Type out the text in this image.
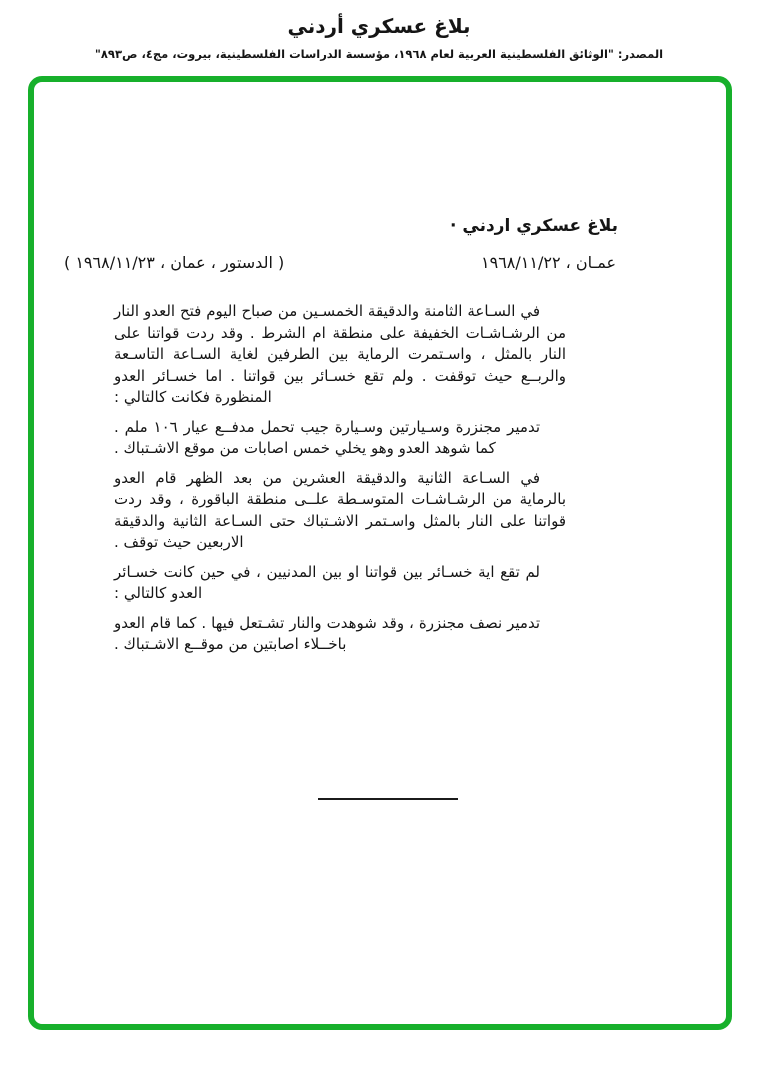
بلاغ عسكري أردني
المصدر: "الوثائق الفلسطينية العربية لعام ١٩٦٨، مؤسسة الدراسات الفلسطينية، بيروت، مج٤، ص٨٩٣"
بلاغ عسكري اردني ·
عمـان ، ١٩٦٨/١١/٢٢
( الدستور ، عمان ، ١٩٦٨/١١/٢٣ )

في السـاعة الثامنة والدقيقة الخمسـين من صباح اليوم فتح العدو النار من الرشـاشـات الخفيفة على منطقة ام الشرط . وقد ردت قواتنا على النار بالمثل ، واسـتمرت الرماية بين الطرفين لغاية السـاعة التاسـعة والربــع حيث توقفت . ولم تقع خسـائر بين قواتنا . اما خسـائر العدو المنظورة فكانت كالتالي :

تدمير مجنزرة وسـيارتين وسـيارة جيب تحمل مدفــع عيار ١٠٦ ملم . كما شوهد العدو وهو يخلي خمس اصابات من موقع الاشـتباك .

في السـاعة الثانية والدقيقة العشرين من بعد الظهر قام العدو بالرماية من الرشـاشـات المتوسـطة علــى منطقة الباقورة ، وقد ردت قواتنا على النار بالمثل واسـتمر الاشـتباك حتى السـاعة الثانية والدقيقة الاربعين حيث توقف .

لم تقع اية خسـائر بين قواتنا او بين المدنيين ، في حين كانت خسـائر العدو كالتالي :

تدمير نصف مجنزرة ، وقد شوهدت والنار تشـتعل فيها . كما قام العدو باخــلاء اصابتين من موقــع الاشـتباك .
